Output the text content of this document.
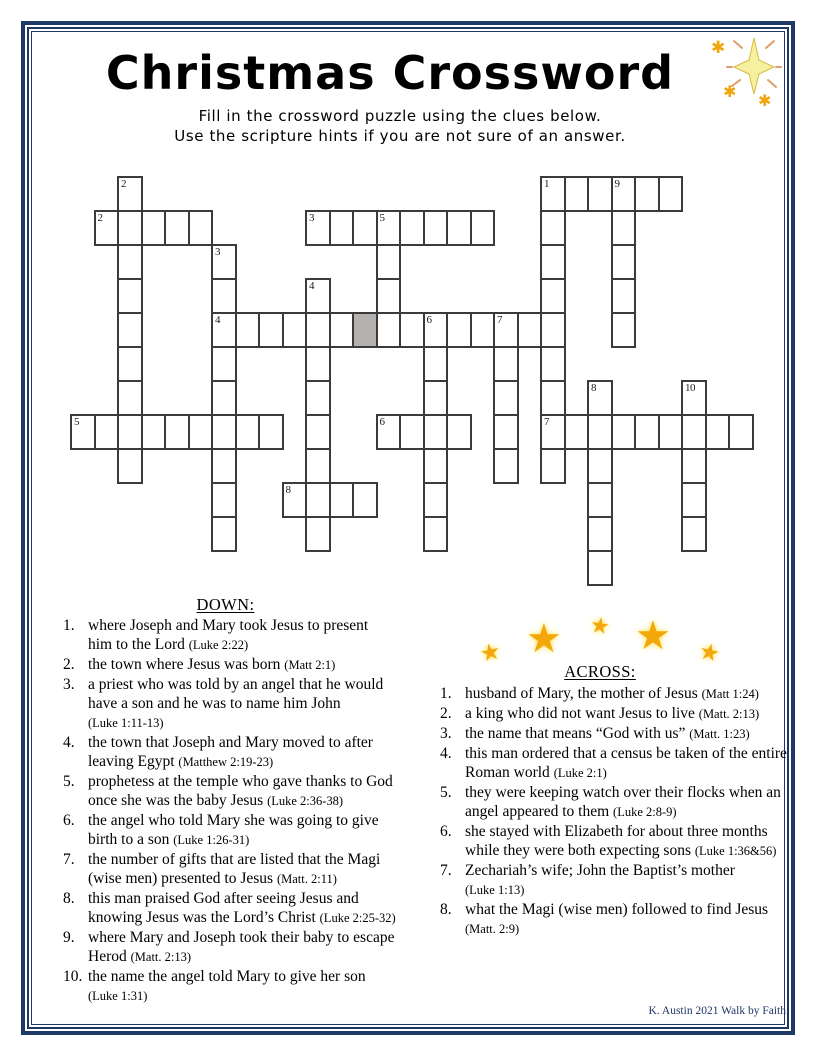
Christmas Crossword
Fill in the crossword puzzle using the clues below.
Use the scripture hints if you are not sure of an answer.
✱
✱ ✱
1	9
2	3	5
4	6	7
5	6	7
8
2
3
4
8	10
★ ★ ★ ★ ★
DOWN:
1. where Joseph and Mary took Jesus to present him to the Lord (Luke 2:22)
2. the town where Jesus was born (Matt 2:1)
3. a priest who was told by an angel that he would have a son and he was to name him John (Luke 1:11-13)
4. the town that Joseph and Mary moved to after leaving Egypt (Matthew 2:19-23)
5. prophetess at the temple who gave thanks to God once she was the baby Jesus (Luke 2:36-38)
6. the angel who told Mary she was going to give birth to a son (Luke 1:26-31)
7. the number of gifts that are listed that the Magi (wise men) presented to Jesus (Matt. 2:11)
8. this man praised God after seeing Jesus and knowing Jesus was the Lord’s Christ (Luke 2:25-32)
9. where Mary and Joseph took their baby to escape Herod (Matt. 2:13)
10. the name the angel told Mary to give her son (Luke 1:31)
ACROSS:
1. husband of Mary, the mother of Jesus (Matt 1:24)
2. a king who did not want Jesus to live (Matt. 2:13)
3. the name that means “God with us” (Matt. 1:23)
4. this man ordered that a census be taken of the entire Roman world (Luke 2:1)
5. they were keeping watch over their flocks when an angel appeared to them (Luke 2:8-9)
6. she stayed with Elizabeth for about three months while they were both expecting sons (Luke 1:36&56)
7. Zechariah’s wife; John the Baptist’s mother (Luke 1:13)
8. what the Magi (wise men) followed to find Jesus (Matt. 2:9)
K. Austin 2021 Walk by Faith
